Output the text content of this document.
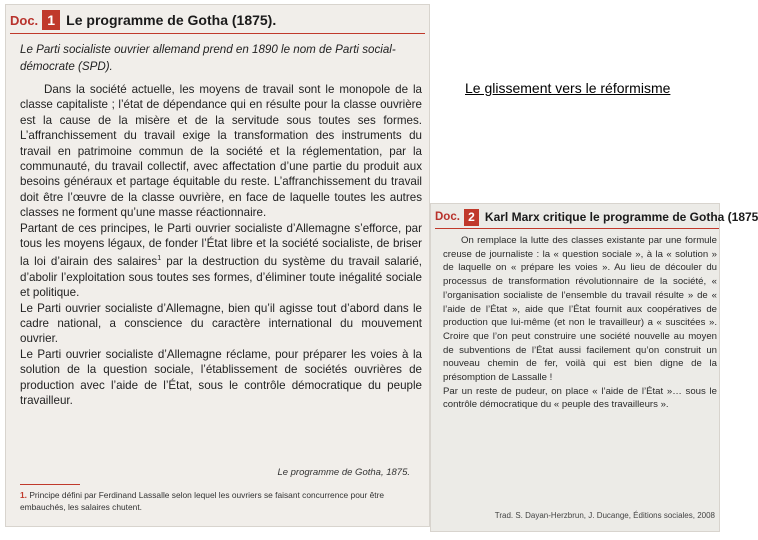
Le glissement vers le réformisme
Doc. 1 Le programme de Gotha (1875).
Le Parti socialiste ouvrier allemand prend en 1890 le nom de Parti social-démocrate (SPD).

Dans la société actuelle, les moyens de travail sont le monopole de la classe capitaliste ; l’état de dépendance qui en résulte pour la classe ouvrière est la cause de la misère et de la servitude sous toutes ses formes. L’affranchissement du travail exige la transformation des instruments du travail en patrimoine commun de la société et la réglementation, par la communauté, du travail collectif, avec affectation d’une partie du produit aux besoins généraux et partage équitable du reste. L’affranchissement du travail doit être l’œuvre de la classe ouvrière, en face de laquelle toutes les autres classes ne forment qu’une masse réactionnaire.

Partant de ces principes, le Parti ouvrier socialiste d’Allemagne s’efforce, par tous les moyens légaux, de fonder l’État libre et la société socialiste, de briser la loi d’airain des salaires$^1$ par la destruction du système du travail salarié, d’abolir l’exploitation sous toutes ses formes, d’éliminer toute inégalité sociale et politique.

Le Parti ouvrier socialiste d’Allemagne, bien qu’il agisse tout d’abord dans le cadre national, a conscience du caractère international du mouvement ouvrier.

Le Parti ouvrier socialiste d’Allemagne réclame, pour préparer les voies à la solution de la question sociale, l’établissement de sociétés ouvrières de production avec l’aide de l’État, sous le contrôle démocratique du peuple travailleur.

Le programme de Gotha, 1875.
1. Principe défini par Ferdinand Lassalle selon lequel les ouvriers se faisant concurrence pour être embauchés, les salaires chutent.
Doc. 2 Karl Marx critique le programme de Gotha (1875

On remplace la lutte des classes existante par une formule creuse de journaliste : la « question sociale », à la « solution » de laquelle on « prépare les voies ». Au lieu de découler du processus de transformation révolutionnaire de la société, « l’organisation socialiste de l’ensemble du travail résulte » de « l’aide de l’État », aide que l’État fournit aux coopératives de production que lui-même (et non le travailleur) a « suscitées ». Croire que l’on peut construire une société nouvelle au moyen de subventions de l’État aussi facilement qu’on construit un nouveau chemin de fer, voilà qui est bien digne de la présomption de Lassalle !

Par un reste de pudeur, on place « l’aide de l’État »… sous le contrôle démocratique du « peuple des travailleurs ».

Trad. S. Dayan-Herzbrun, J. Ducange, Éditions sociales, 2008
